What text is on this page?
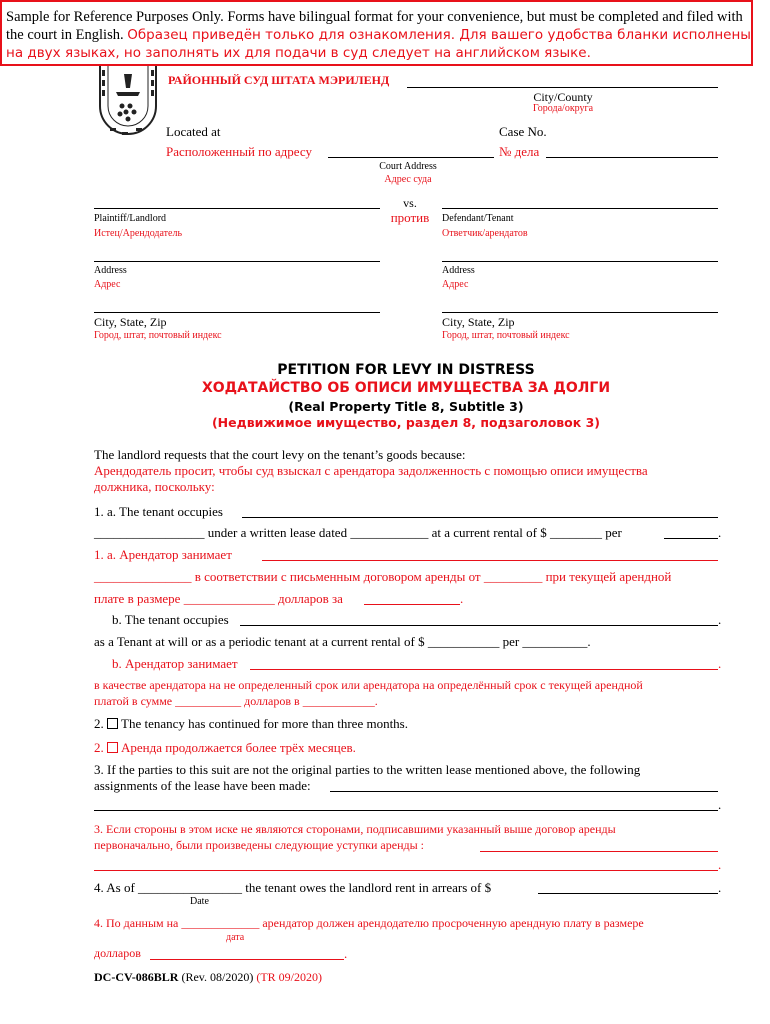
Sample for Reference Purposes Only. Forms have bilingual format for your convenience, but must be completed and filed with the court in English. Образец приведён только для ознакомления. Для вашего удобства бланки исполнены на двух языках, но заполнять их для подачи в суд следует на английском языке.
РАЙОННЫЙ СУД ШТАТА МЭРИЛЕНД
City/County
Города/округа
Located at
Расположенный по адресу
Case No.
№ дела
Court Address
Адрес суда
vs.
против
Plaintiff/Landlord
Истец/Арендодатель
Defendant/Tenant
Ответчик/арендатов
Address
Адрес
Address
Адрес
City, State, Zip
Город, штат, почтовый индекс
City, State, Zip
Город, штат, почтовый индекс
PETITION FOR LEVY IN DISTRESS
ХОДАТАЙСТВО ОБ ОПИСИ ИМУЩЕСТВА ЗА ДОЛГИ
(Real Property Title 8, Subtitle 3)
(Недвижимое имущество, раздел 8, подзаголовок 3)
The landlord requests that the court levy on the tenant’s goods because:
Арендодатель просит, чтобы суд взыскал с арендатора задолженность с помощью описи имущества
должника, поскольку:
1. a. The tenant occupies
_________________ under a written lease dated ____________ at a current rental of $ ________ per	.
1. а. Арендатор занимает
_______________ в соответствии с письменным договором аренды от _________ при текущей арендной
плате в размере ______________ долларов за	.
b. The tenant occupies	.
as a Tenant at will or as a periodic tenant at a current rental of $ ___________ per __________.
b. Арендатор занимает	.
в качестве арендатора на не определенный срок или арендатора на определённый срок с текущей арендной
платой в сумме ___________ долларов в ____________.
2. The tenancy has continued for more than three months.
2. Аренда продолжается более трёх месяцев.
3. If the parties to this suit are not the original parties to the written lease mentioned above, the following
assignments of the lease have been made:
.
3. Если стороны в этом иске не являются сторонами, подписавшими указанный выше договор аренды
первоначально, были произведены следующие уступки аренды :
.
4. As of ________________ the tenant owes the landlord rent in arrears of $	.
Date
4. По данным на _____________ арендатор должен арендодателю просроченную арендную плату в размере
дата
долларов	.
DC-CV-086BLR (Rev. 08/2020) (TR 09/2020)
